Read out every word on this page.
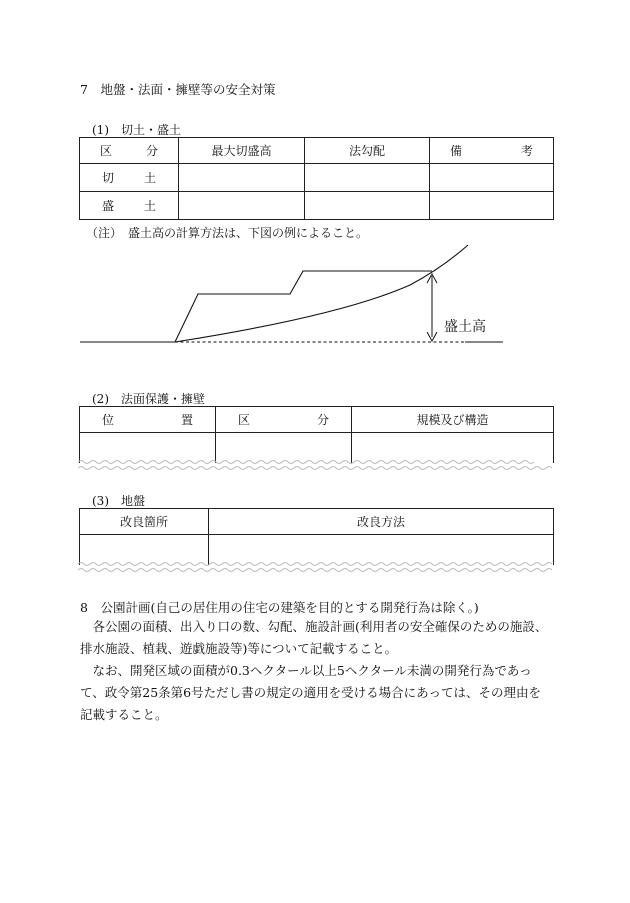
7　地盤・法面・擁壁等の安全対策
(1)　切土・盛土
区 分	最大切盛高	法勾配	備 考

切 土			

盛 土			

（注）　盛土高の計算方法は、下図の例によること。
盛土高
(2)　法面保護・擁壁
位 置	区 分	規模及び構造

(3)　地盤
改良箇所	改良方法

8　公園計画(自己の居住用の住宅の建築を目的とする開発行為は除く。)
各公園の面積、出入り口の数、勾配、施設計画(利用者の安全確保のための施設、排水施設、植栽、遊戯施設等)等について記載すること。
なお、開発区域の面積が0.3ヘクタール以上5ヘクタール未満の開発行為であって、政令第25条第6号ただし書の規定の適用を受ける場合にあっては、その理由を記載すること。
